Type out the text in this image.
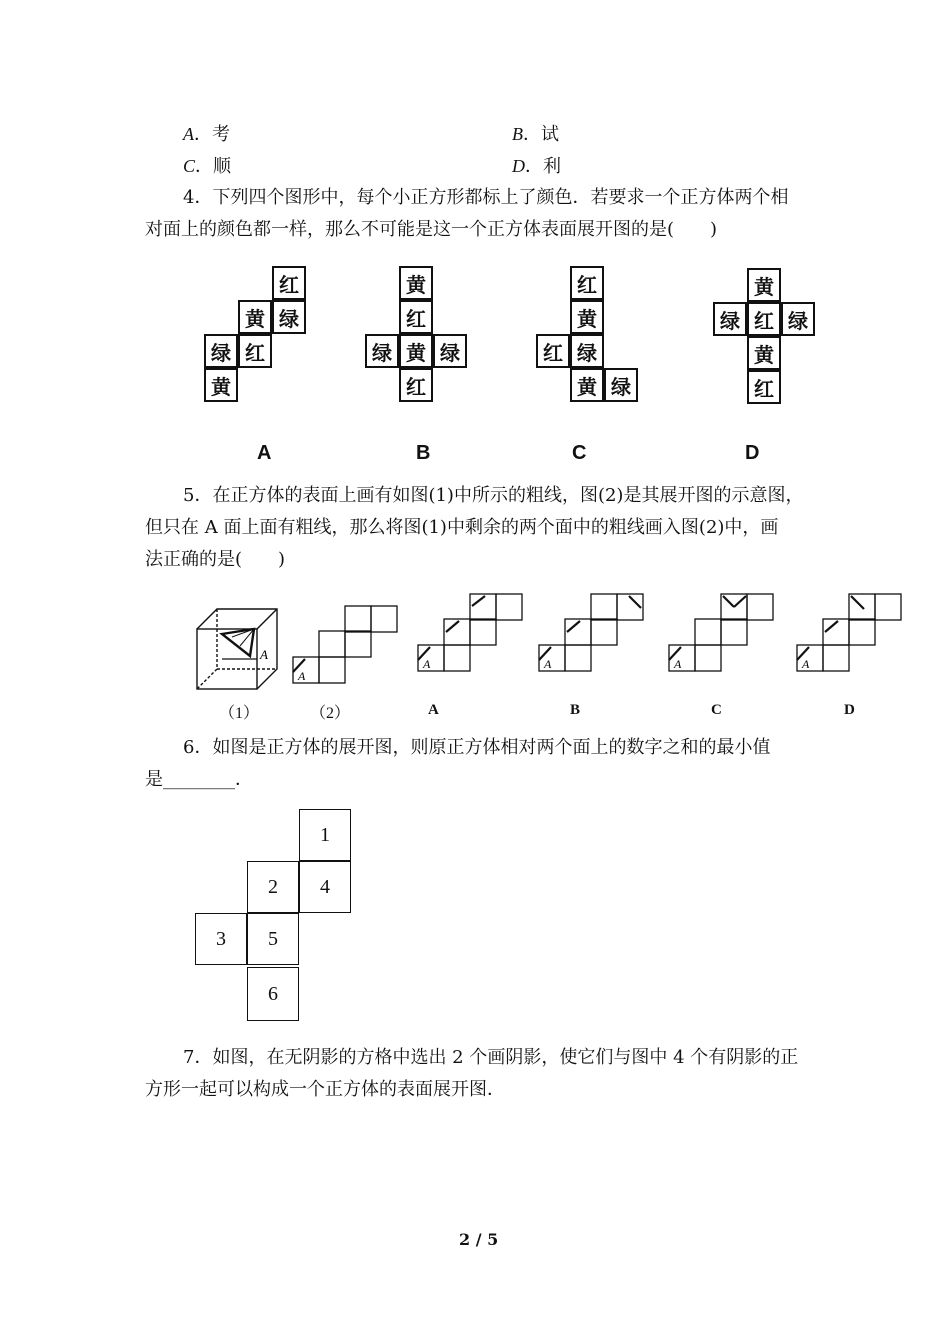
A．考	B．试
C．顺	D．利
4．下列四个图形中，每个小正方形都标上了颜色．若要求一个正方体两个相
对面上的颜色都一样，那么不可能是这一个正方体表面展开图的是(　　)
红
黄 绿
绿 红
黄
A
黄
红
绿 黄 绿
红
B
红
黄
红 绿
黄 绿
C
黄
绿 红 绿
黄
红
D
5．在正方体的表面上画有如图(1)中所示的粗线，图(2)是其展开图的示意图，
但只在 A 面上面有粗线，那么将图(1)中剩余的两个面中的粗线画入图(2)中，画
法正确的是(　　)
A
A
A	A	A	A
（1）	（2）	A	B	C	D
6．如图是正方体的展开图，则原正方体相对两个面上的数字之和的最小值
是________．
1
2	4
3	5
6
7．如图，在无阴影的方格中选出 2 个画阴影，使它们与图中 4 个有阴影的正
方形一起可以构成一个正方体的表面展开图．
2 / 5
